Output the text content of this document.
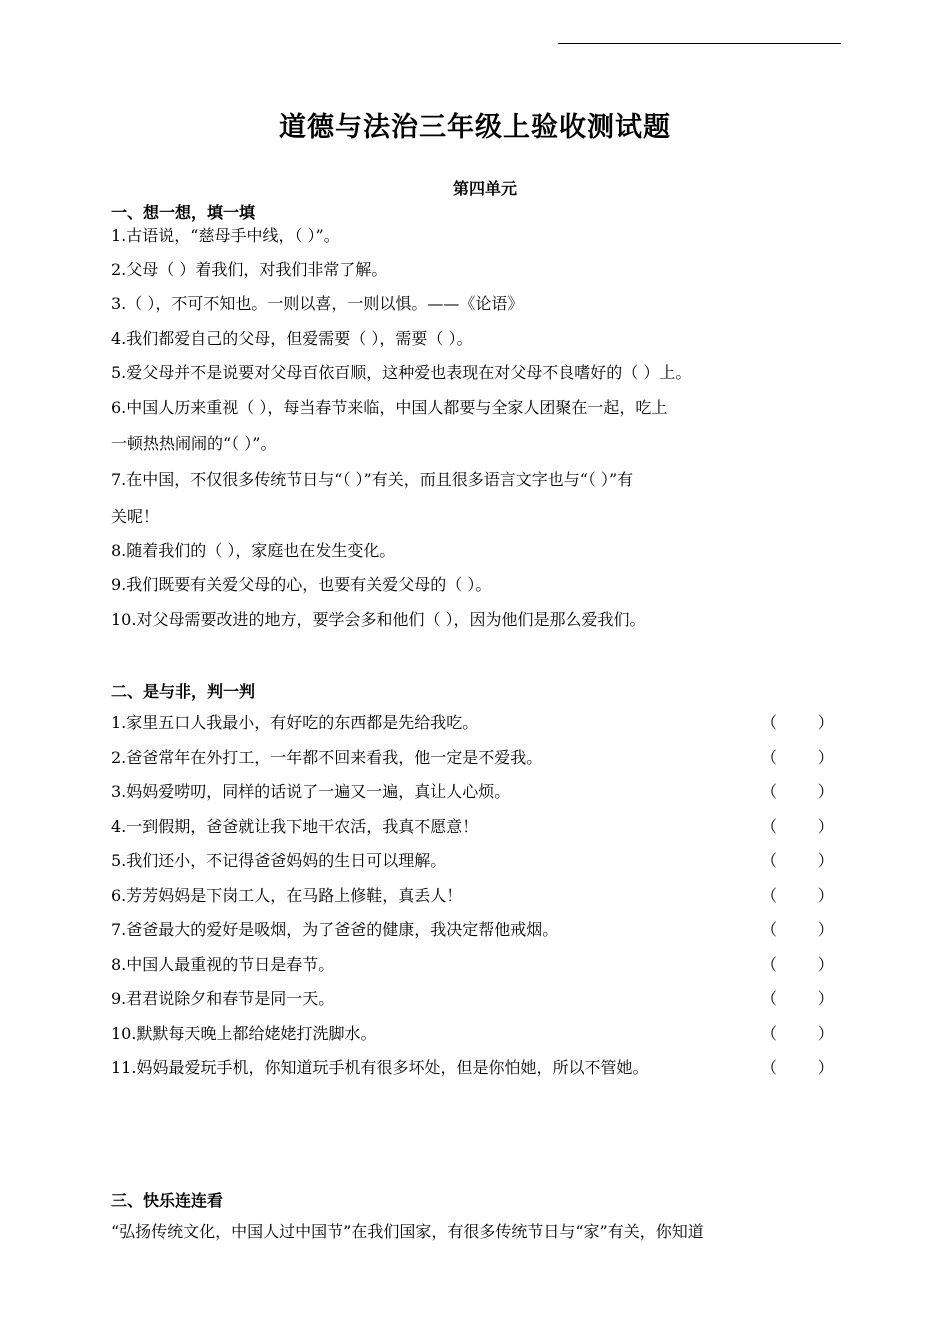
道德与法治三年级上验收测试题
第四单元
一、想一想，填一填
1.古语说，“慈母手中线，（ ）”。
2.父母（ ）着我们，对我们非常了解。
3.（ ），不可不知也。一则以喜，一则以惧。——《论语》
4.我们都爱自己的父母，但爱需要（ ），需要（ ）。
5.爱父母并不是说要对父母百依百顺，这种爱也表现在对父母不良嗜好的（ ）上。
6.中国人历来重视（ ），每当春节来临，中国人都要与全家人团聚在一起，吃上
一顿热热闹闹的“（ ）”。
7.在中国，不仅很多传统节日与“（ ）”有关，而且很多语言文字也与“（ ）”有
关呢！
8.随着我们的（ ），家庭也在发生变化。
9.我们既要有关爱父母的心，也要有关爱父母的（ ）。
10.对父母需要改进的地方，要学会多和他们（ ），因为他们是那么爱我们。
二、是与非，判一判
1.家里五口人我最小，有好吃的东西都是先给我吃。	（        ）
2.爸爸常年在外打工，一年都不回来看我，他一定是不爱我。	（        ）
3.妈妈爱唠叨，同样的话说了一遍又一遍，真让人心烦。	（        ）
4.一到假期，爸爸就让我下地干农活，我真不愿意！	（        ）
5.我们还小，不记得爸爸妈妈的生日可以理解。	（        ）
6.芳芳妈妈是下岗工人，在马路上修鞋，真丢人！	（        ）
7.爸爸最大的爱好是吸烟，为了爸爸的健康，我决定帮他戒烟。	（        ）
8.中国人最重视的节日是春节。	（        ）
9.君君说除夕和春节是同一天。	（        ）
10.默默每天晚上都给姥姥打洗脚水。	（        ）
11.妈妈最爱玩手机，你知道玩手机有很多坏处，但是你怕她，所以不管她。	（        ）
三、快乐连连看
“弘扬传统文化，中国人过中国节”在我们国家，有很多传统节日与“家”有关，你知道
